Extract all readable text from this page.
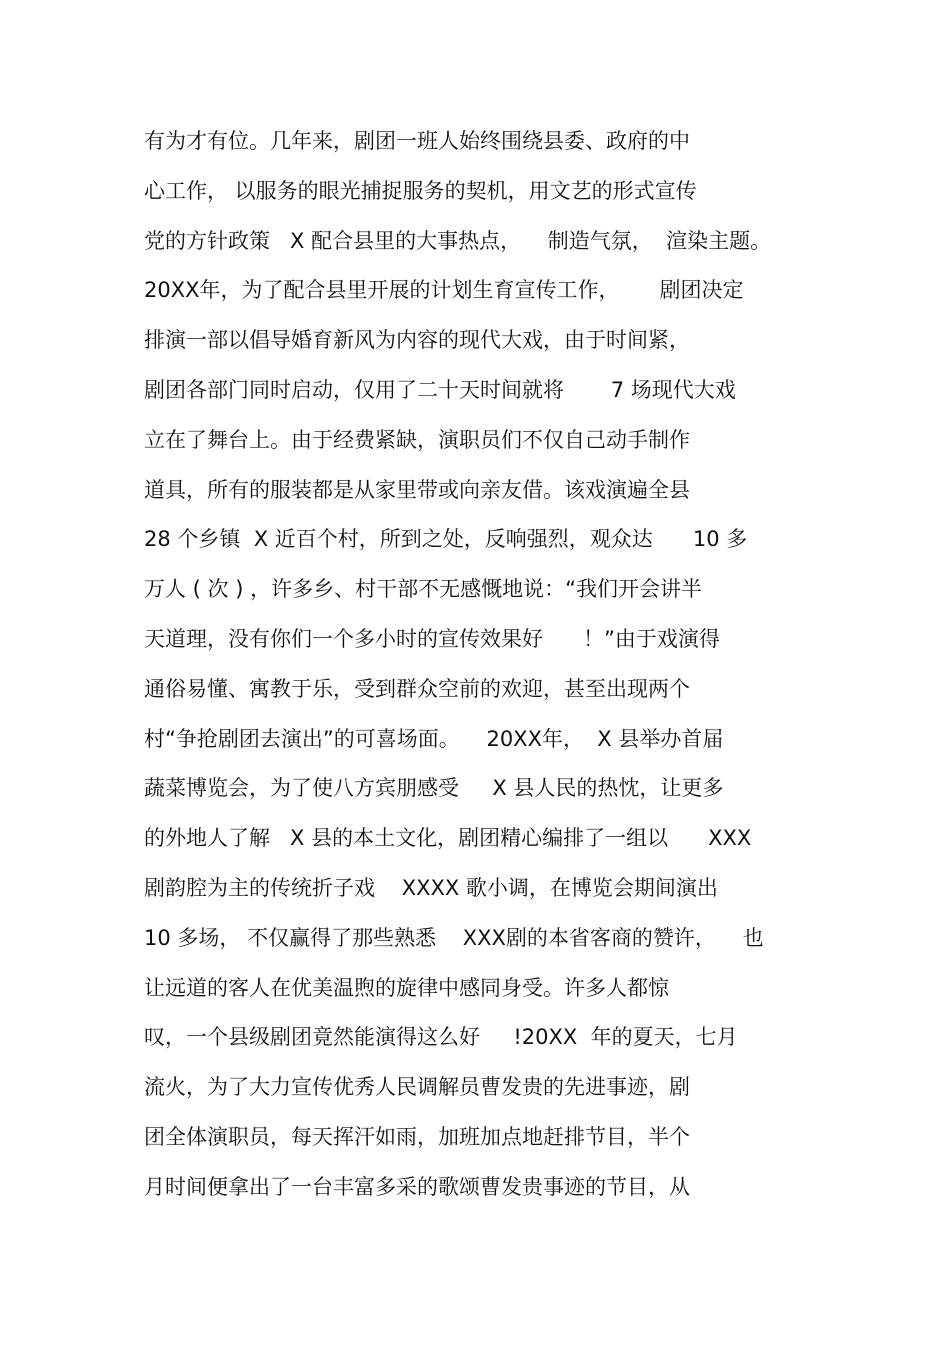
有为才有位。几年来，剧团一班人始终围绕县委、政府的中
心工作， 以服务的眼光捕捉服务的契机，用文艺的形式宣传
党的方针政策   X 配合县里的大事热点，    制造气氛，  渲染主题。
20XX年，为了配合县里开展的计划生育宣传工作，      剧团决定
排演一部以倡导婚育新风为内容的现代大戏，由于时间紧，
剧团各部门同时启动，仅用了二十天时间就将       7 场现代大戏
立在了舞台上。由于经费紧缺，演职员们不仅自己动手制作
道具，所有的服装都是从家里带或向亲友借。该戏演遍全县
28 个乡镇  X 近百个村，所到之处，反响强烈，观众达      10 多
万人 ( 次 ) ，许多乡、村干部不无感慨地说：“我们开会讲半
天道理，没有你们一个多小时的宣传效果好      ！”由于戏演得
通俗易懂、寓教于乐，受到群众空前的欢迎，甚至出现两个
村“争抢剧团去演出”的可喜场面。    20XX年，  X 县举办首届
蔬菜博览会，为了使八方宾朋感受     X 县人民的热忱，让更多
的外地人了解   X 县的本土文化，剧团精心编排了一组以      XXX
剧韵腔为主的传统折子戏    XXXX 歌小调，在博览会期间演出
10 多场， 不仅赢得了那些熟悉    XXX剧的本省客商的赞许，    也
让远道的客人在优美温煦的旋律中感同身受。许多人都惊
叹，一个县级剧团竟然能演得这么好     !20XX  年的夏天，七月
流火，为了大力宣传优秀人民调解员曹发贵的先进事迹，剧
团全体演职员，每天挥汗如雨，加班加点地赶排节目，半个
月时间便拿出了一台丰富多采的歌颂曹发贵事迹的节目，从
